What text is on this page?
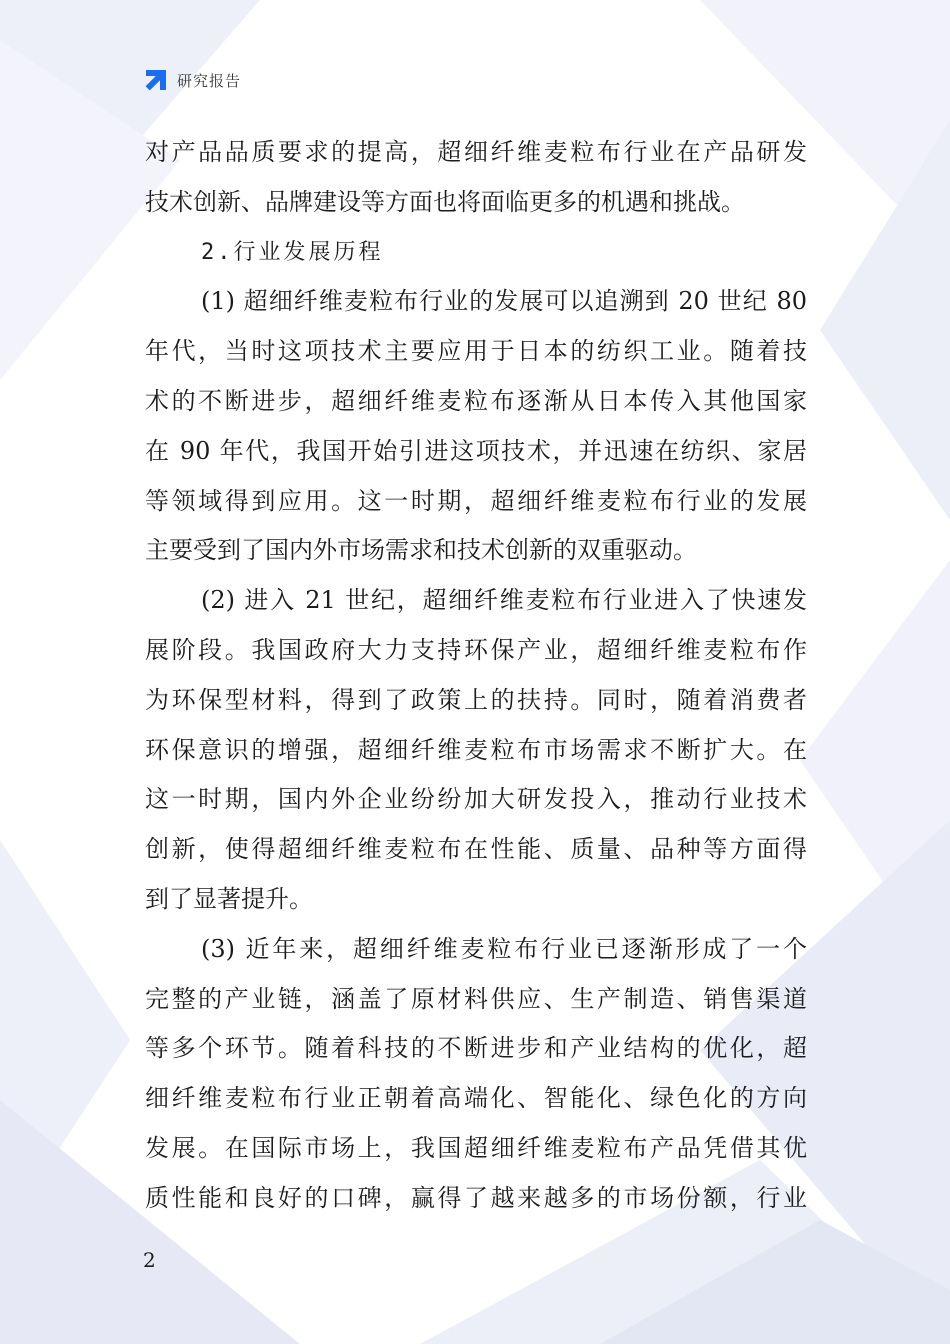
研究报告
对产品品质要求的提高，超细纤维麦粒布行业在产品研发
技术创新、品牌建设等方面也将面临更多的机遇和挑战。
2.行业发展历程
(1) 超细纤维麦粒布行业的发展可以追溯到 20 世纪 80
年代，当时这项技术主要应用于日本的纺织工业。随着技
术的不断进步，超细纤维麦粒布逐渐从日本传入其他国家
在 90 年代，我国开始引进这项技术，并迅速在纺织、家居
等领域得到应用。这一时期，超细纤维麦粒布行业的发展
主要受到了国内外市场需求和技术创新的双重驱动。
(2) 进入 21 世纪，超细纤维麦粒布行业进入了快速发
展阶段。我国政府大力支持环保产业，超细纤维麦粒布作
为环保型材料，得到了政策上的扶持。同时，随着消费者
环保意识的增强，超细纤维麦粒布市场需求不断扩大。在
这一时期，国内外企业纷纷加大研发投入，推动行业技术
创新，使得超细纤维麦粒布在性能、质量、品种等方面得
到了显著提升。
(3) 近年来，超细纤维麦粒布行业已逐渐形成了一个
完整的产业链，涵盖了原材料供应、生产制造、销售渠道
等多个环节。随着科技的不断进步和产业结构的优化，超
细纤维麦粒布行业正朝着高端化、智能化、绿色化的方向
发展。在国际市场上，我国超细纤维麦粒布产品凭借其优
质性能和良好的口碑，赢得了越来越多的市场份额，行业
2
